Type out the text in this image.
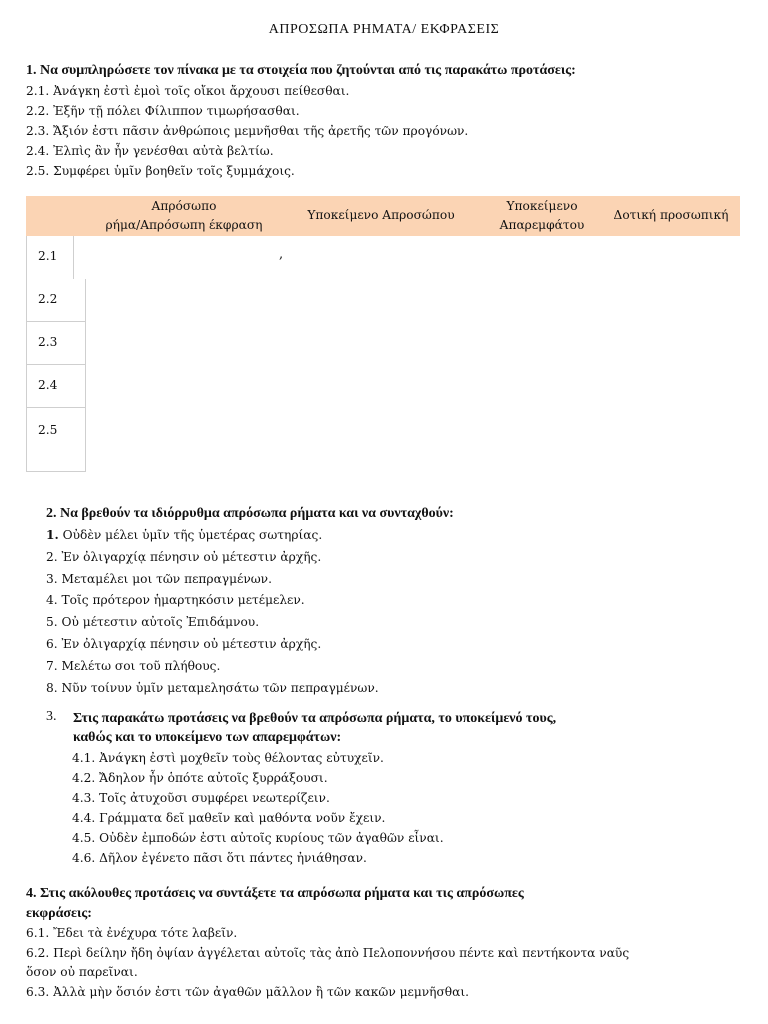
ΑΠΡΟΣΩΠΑ ΡΗΜΑΤΑ/ ΕΚΦΡΑΣΕΙΣ
1. Να συμπληρώσετε τον πίνακα με τα στοιχεία που ζητούνται από τις παρακάτω προτάσεις:
2.1. Ἀνάγκη ἐστὶ ἐμοὶ τοῖς οἴκοι ἄρχουσι πείθεσθαι.
2.2. Ἐξῆν τῇ πόλει Φίλιππον τιμωρήσασθαι.
2.3. Ἄξιόν ἐστι πᾶσιν ἀνθρώποις μεμνῆσθαι τῆς ἀρετῆς τῶν προγόνων.
2.4. Ἐλπὶς ἂν ἦν γενέσθαι αὐτὰ βελτίω.
2.5. Συμφέρει ὑμῖν βοηθεῖν τοῖς ξυμμάχοις.
Απρόσωπο
ρήμα/Απρόσωπη έκφραση
Υποκείμενο Απροσώπου
Υποκείμενο
Απαρεμφάτου
Δοτική προσωπική
2.1	,
2.2
2.3
2.4
2.5
2. Να βρεθούν τα ιδιόρρυθμα απρόσωπα ρήματα και να συνταχθούν:
1. Οὐδὲν μέλει ὑμῖν τῆς ὑμετέρας σωτηρίας.
2. Ἐν ὀλιγαρχίᾳ πένησιν οὐ μέτεστιν ἀρχῆς.
3. Μεταμέλει μοι τῶν πεπραγμένων.
4. Τοῖς πρότερον ἡμαρτηκόσιν μετέμελεν.
5. Οὐ μέτεστιν αὐτοῖς Ἐπιδάμνου.
6. Ἐν ὀλιγαρχίᾳ πένησιν οὐ μέτεστιν ἀρχῆς.
7. Μελέτω σοι τοῦ πλήθους.
8. Νῦν τοίνυν ὑμῖν μεταμελησάτω τῶν πεπραγμένων.
3. Στις παρακάτω προτάσεις να βρεθούν τα απρόσωπα ρήματα, το υποκείμενό τους,
καθώς και το υποκείμενο των απαρεμφάτων:
4.1. Ἀνάγκη ἐστὶ μοχθεῖν τοὺς θέλοντας εὐτυχεῖν.
4.2. Ἄδηλον ἦν ὁπότε αὐτοῖς ξυρράξουσι.
4.3. Τοῖς ἀτυχοῦσι συμφέρει νεωτερίζειν.
4.4. Γράμματα δεῖ μαθεῖν καὶ μαθόντα νοῦν ἔχειν.
4.5. Οὐδὲν ἐμποδών ἐστι αὐτοῖς κυρίους τῶν ἀγαθῶν εἶναι.
4.6. Δῆλον ἐγένετο πᾶσι ὅτι πάντες ἠνιάθησαν.
4. Στις ακόλουθες προτάσεις να συντάξετε τα απρόσωπα ρήματα και τις απρόσωπες
εκφράσεις:
6.1. Ἔδει τὰ ἐνέχυρα τότε λαβεῖν.
6.2. Περὶ δείλην ἤδη ὀψίαν ἀγγέλεται αὐτοῖς τὰς ἀπὸ Πελοποννήσου πέντε καὶ πεντήκοντα ναῦς
ὅσον οὐ παρεῖναι.
6.3. Ἀλλὰ μὴν ὅσιόν ἐστι τῶν ἀγαθῶν μᾶλλον ἢ τῶν κακῶν μεμνῆσθαι.
